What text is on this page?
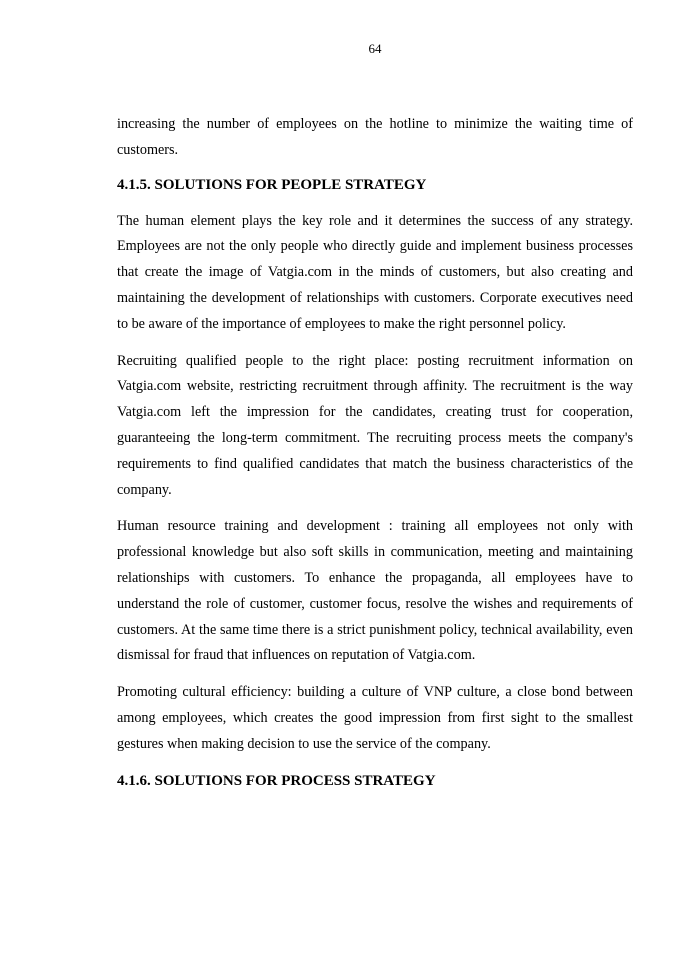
64

increasing the number of employees on the hotline to minimize the waiting time of customers.

4.1.5. SOLUTIONS FOR PEOPLE STRATEGY

The human element plays the key role and it determines the success of any strategy. Employees are not the only people who directly guide and implement business processes that create the image of Vatgia.com in the minds of customers, but also creating and maintaining the development of relationships with customers. Corporate executives need to be aware of the importance of employees to make the right personnel policy.

Recruiting qualified people to the right place: posting recruitment information on Vatgia.com website, restricting recruitment through affinity. The recruitment is the way Vatgia.com left the impression for the candidates, creating trust for cooperation, guaranteeing the long-term commitment. The recruiting process meets the company's requirements to find qualified candidates that match the business characteristics of the company.

Human resource training and development : training all employees not only with professional knowledge but also soft skills in communication, meeting and maintaining relationships with customers. To enhance the propaganda, all employees have to understand the role of customer, customer focus, resolve the wishes and requirements of customers. At the same time there is a strict punishment policy, technical availability, even dismissal for fraud that influences on reputation of Vatgia.com.

Promoting cultural efficiency: building a culture of VNP culture, a close bond between among employees, which creates the good impression from first sight to the smallest gestures when making decision to use the service of the company.

4.1.6. SOLUTIONS FOR PROCESS STRATEGY
